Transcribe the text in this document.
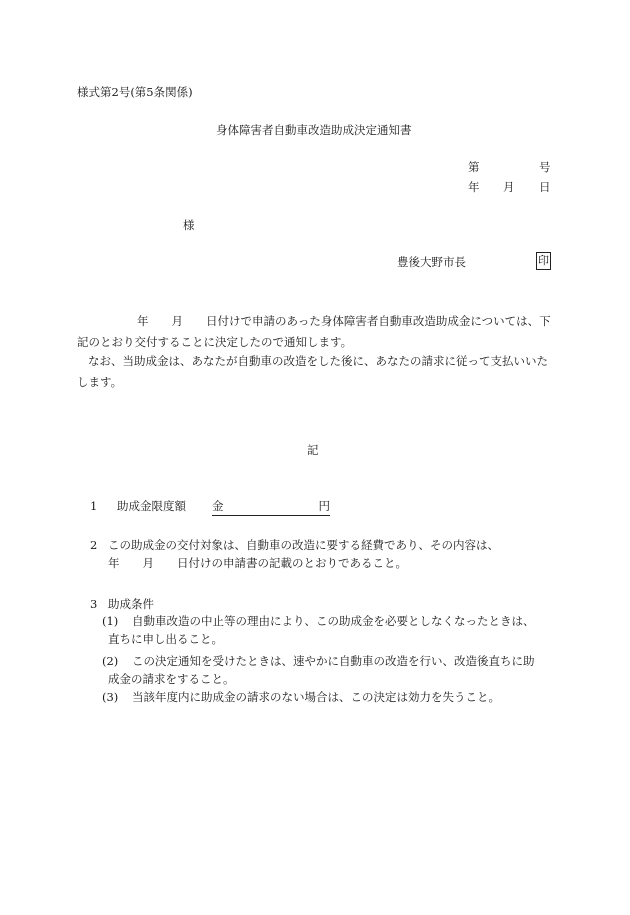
様式第2号(第5条関係)
身体障害者自動車改造助成決定通知書
第	号
年 月 日
様
豊後大野市長	印
年　　月　　日付けで申請のあった身体障害者自動車改造助成金については、下記のとおり交付することに決定したので通知します。
なお、当助成金は、あなたが自動車の改造をした後に、あなたの請求に従って支払いいたします。
記
1 助成金限度額 金	円
2 この助成金の交付対象は、自動車の改造に要する経費であり、その内容は、
年　　月　　日付けの申請書の記載のとおりであること。
3 助成条件
(1) 自動車改造の中止等の理由により、この助成金を必要としなくなったときは、
直ちに申し出ること。
(2) この決定通知を受けたときは、速やかに自動車の改造を行い、改造後直ちに助
成金の請求をすること。
(3) 当該年度内に助成金の請求のない場合は、この決定は効力を失うこと。
